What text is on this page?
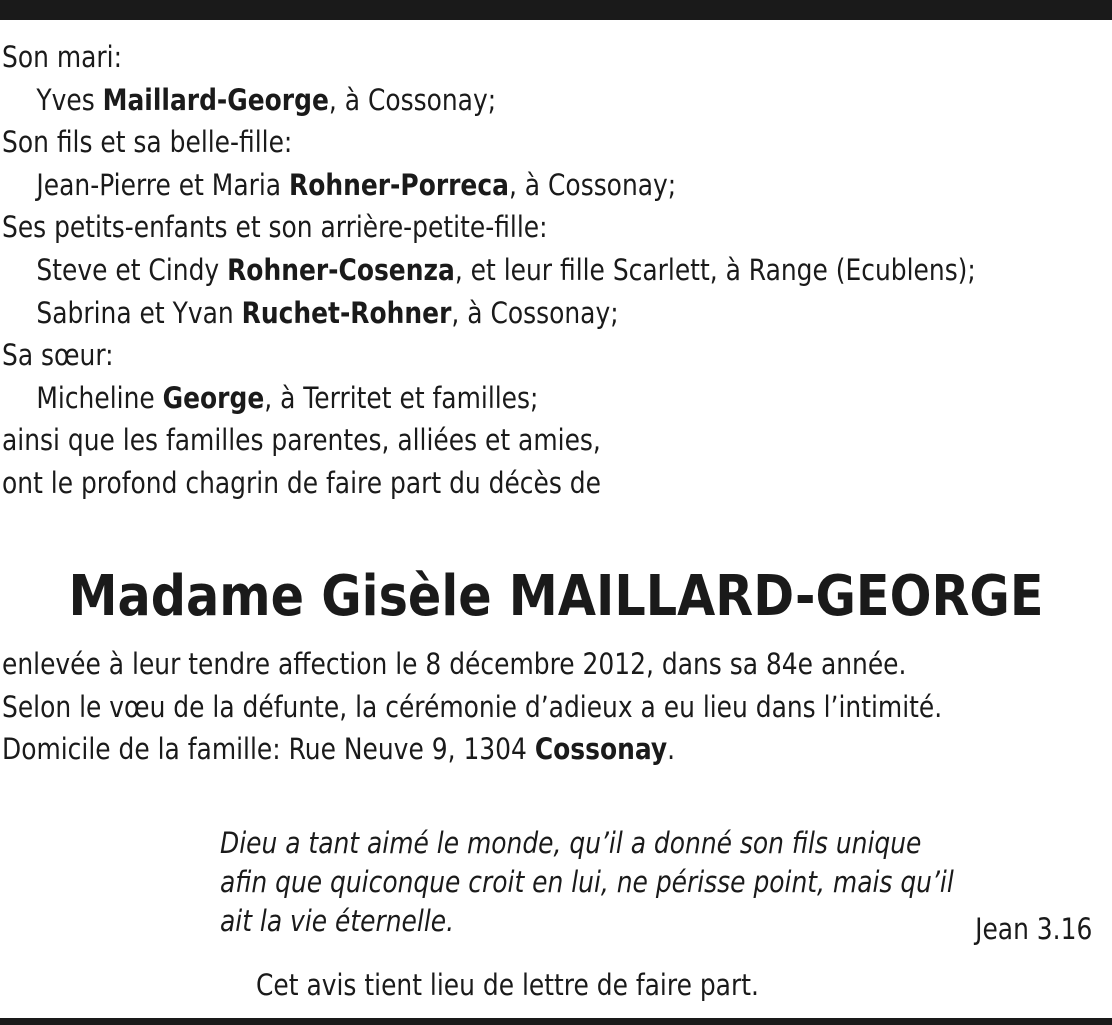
Son mari:
Yves Maillard-George, à Cossonay;
Son fils et sa belle-fille:
Jean-Pierre et Maria Rohner-Porreca, à Cossonay;
Ses petits-enfants et son arrière-petite-fille:
Steve et Cindy Rohner-Cosenza, et leur fille Scarlett, à Range (Ecublens);
Sabrina et Yvan Ruchet-Rohner, à Cossonay;
Sa sœur:
Micheline George, à Territet et familles;
ainsi que les familles parentes, alliées et amies,
ont le profond chagrin de faire part du décès de
Madame Gisèle MAILLARD-GEORGE
enlevée à leur tendre affection le 8 décembre 2012, dans sa 84e année.
Selon le vœu de la défunte, la cérémonie d’adieux a eu lieu dans l’intimité.
Domicile de la famille: Rue Neuve 9, 1304 Cossonay.
Dieu a tant aimé le monde, qu’il a donné son fils unique
afin que quiconque croit en lui, ne périsse point, mais qu’il
ait la vie éternelle.	Jean 3.16
Cet avis tient lieu de lettre de faire part.
